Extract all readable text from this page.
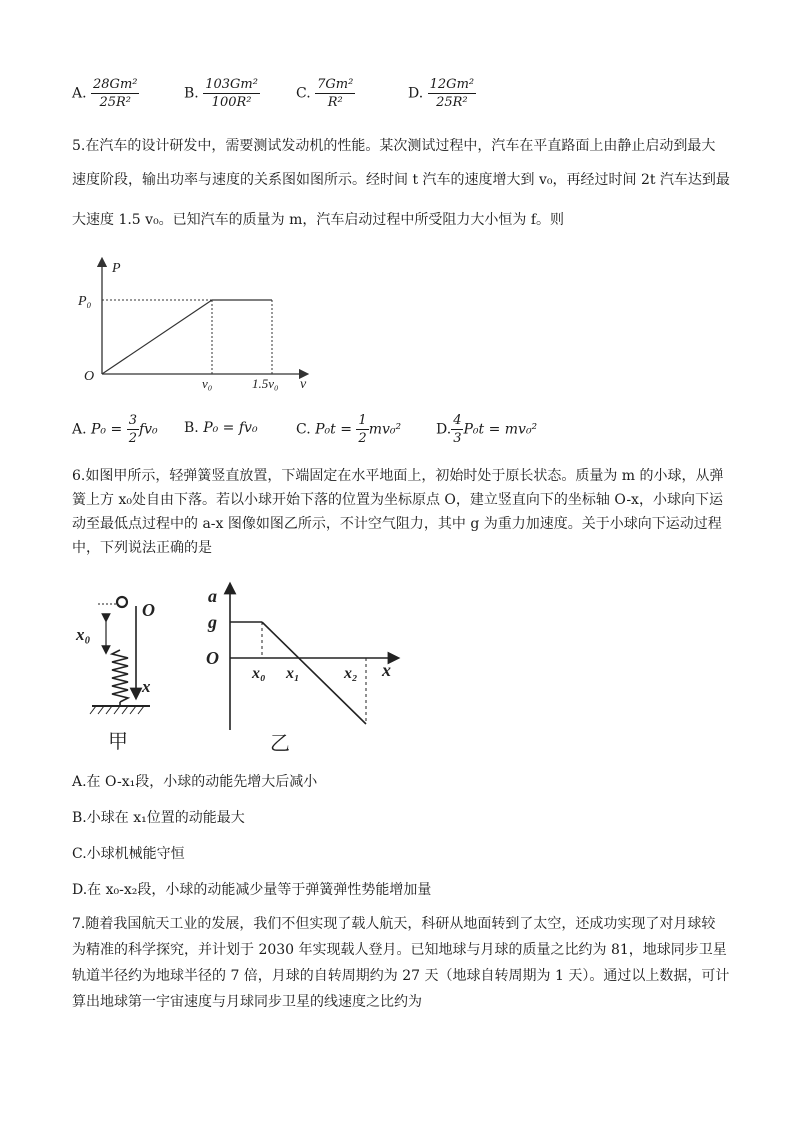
A. $\frac{\text{28Gm²}}{\text{25R²}}$	B. $\frac{\text{103Gm²}}{\text{100R²}}$	C. $\frac{\text{7Gm²}}{\text{R²}}$	D. $\frac{\text{12Gm²}}{\text{25R²}}$
5.在汽车的设计研发中，需要测试发动机的性能。某次测试过程中，汽车在平直路面上由静止启动到最大
速度阶段，输出功率与速度的关系图如图所示。经时间 t 汽车的速度增大到 v₀，再经过时间 2t 汽车达到最
大速度 1.5 v₀。已知汽车的质量为 m，汽车启动过程中所受阻力大小恒为 f。则
P
P₀
O	v₀	1.5v₀ v
A. $P_0 = \frac{3}{2} fv_0$ B. P₀ = fv₀	C. $P_0t = \frac{1}{2} mv_0^2$ D. $\frac{4}{3} P_0t = mv_0^2$
6.如图甲所示，轻弹簧竖直放置，下端固定在水平地面上，初始时处于原长状态。质量为 m 的小球，从弹
簧上方 x₀处自由下落。若以小球开始下落的位置为坐标原点 O，建立竖直向下的坐标轴 O-x，小球向下运
动至最低点过程中的 a-x 图像如图乙所示，不计空气阻力，其中 g 为重力加速度。关于小球向下运动过程
中，下列说法正确的是
O
x₀
x
甲
a
g
O
x₀ x₁	x₂ x
乙
A.在 O-x₁段，小球的动能先增大后减小
B.小球在 x₁位置的动能最大
C.小球机械能守恒
D.在 x₀-x₂段，小球的动能减少量等于弹簧弹性势能增加量
7.随着我国航天工业的发展，我们不但实现了载人航天，科研从地面转到了太空，还成功实现了对月球较
为精准的科学探究，并计划于 2030 年实现载人登月。已知地球与月球的质量之比约为 81，地球同步卫星
轨道半径约为地球半径的 7 倍，月球的自转周期约为 27 天（地球自转周期为 1 天）。通过以上数据，可计
算出地球第一宇宙速度与月球同步卫星的线速度之比约为
